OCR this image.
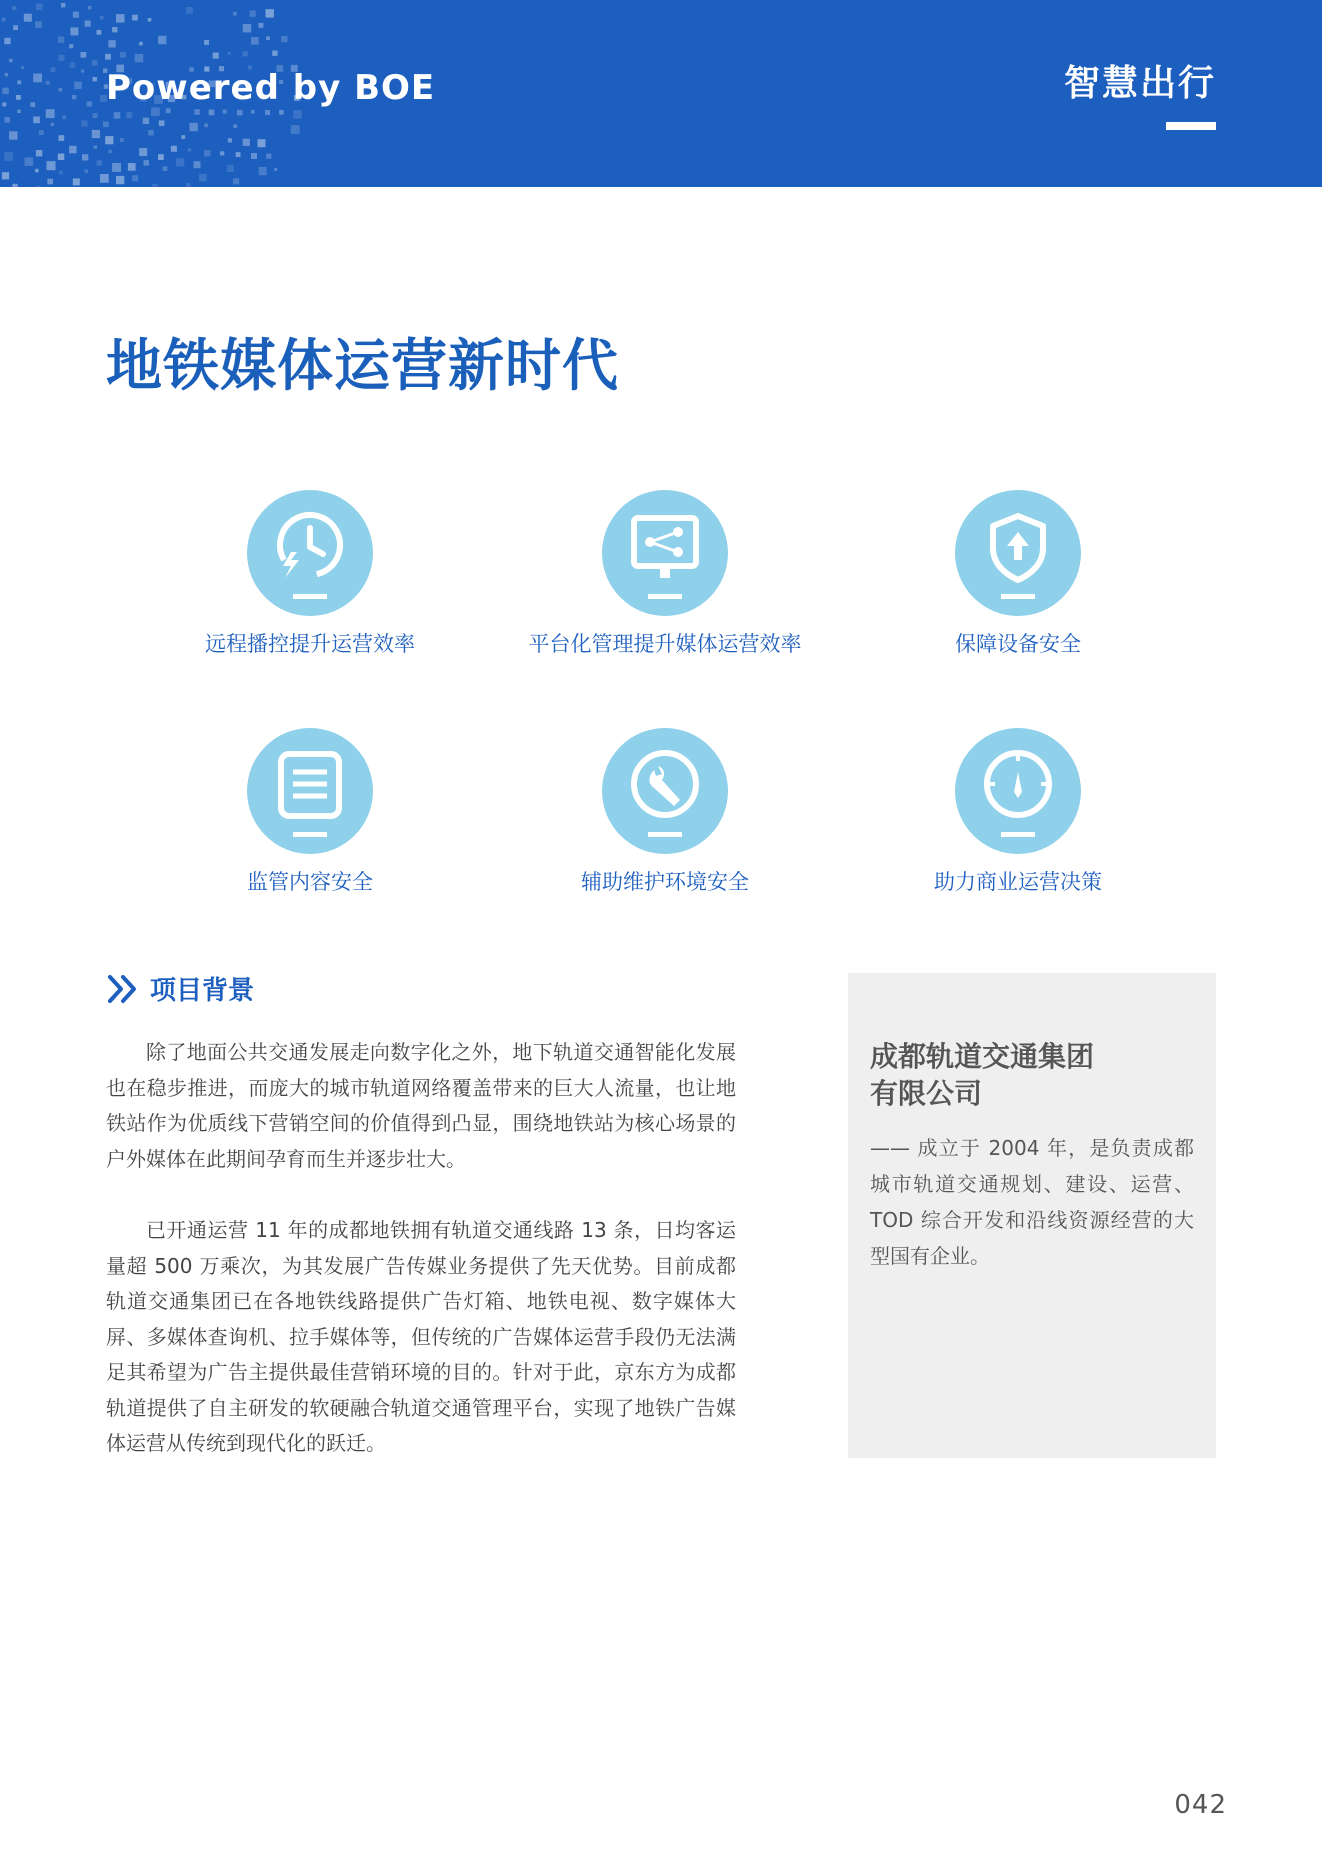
Powered by BOE	智慧出行
地铁媒体运营新时代
远程播控提升运营效率	平台化管理提升媒体运营效率	保障设备安全
监管内容安全	辅助维护环境安全	助力商业运营决策
项目背景

除了地面公共交通发展走向数字化之外，地下轨道交通智能化发展也在稳步推进，而庞大的城市轨道网络覆盖带来的巨大人流量，也让地铁站作为优质线下营销空间的价值得到凸显，围绕地铁站为核心场景的户外媒体在此期间孕育而生并逐步壮大。

已开通运营 11 年的成都地铁拥有轨道交通线路 13 条，日均客运量超 500 万乘次，为其发展广告传媒业务提供了先天优势。目前成都轨道交通集团已在各地铁线路提供广告灯箱、地铁电视、数字媒体大屏、多媒体查询机、拉手媒体等，但传统的广告媒体运营手段仍无法满足其希望为广告主提供最佳营销环境的目的。针对于此，京东方为成都轨道提供了自主研发的软硬融合轨道交通管理平台，实现了地铁广告媒体运营从传统到现代化的跃迁。

成都轨道交通集团
有限公司
—— 成立于 2004 年，是负责成都城市轨道交通规划、建设、运营、TOD 综合开发和沿线资源经营的大型国有企业。
042
